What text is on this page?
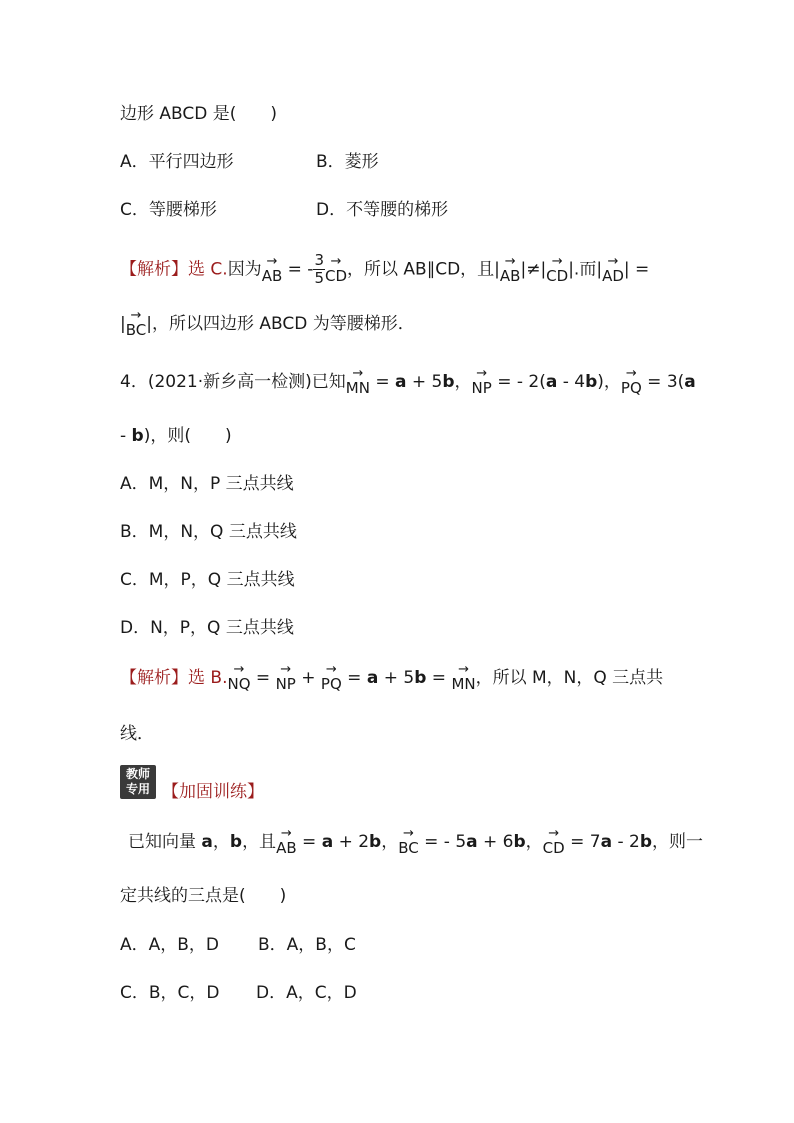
边形 ABCD 是(　　)
A．平行四边形	B．菱形
C．等腰梯形	D．不等腰的梯形
【解析】选 C.因为 →
AB = - $\frac{3}{5}$ →
CD，所以 AB∥CD，且| →
AB|≠| →
CD|.而| →
AD| =
| →
BC|，所以四边形 ABCD 为等腰梯形．
4．(2021·新乡高一检测)已知 →
MN = a + 5b， →
NP = - 2(a - 4b)， →
PQ = 3(a
- b)，则(　　)
A．M，N，P 三点共线
B．M，N，Q 三点共线
C．M，P，Q 三点共线
D．N，P，Q 三点共线
【解析】选 B. →
NQ = →
NP + →
PQ = a + 5b = →
MN，所以 M，N，Q 三点共
线．
教师
专用 【加固训练】
已知向量 a，b，且 →
AB = a + 2b， →
BC = - 5a + 6b， →
CD = 7a - 2b，则一
定共线的三点是(　　)
A．A，B，D B．A，B，C
C．B，C，D D．A，C，D
